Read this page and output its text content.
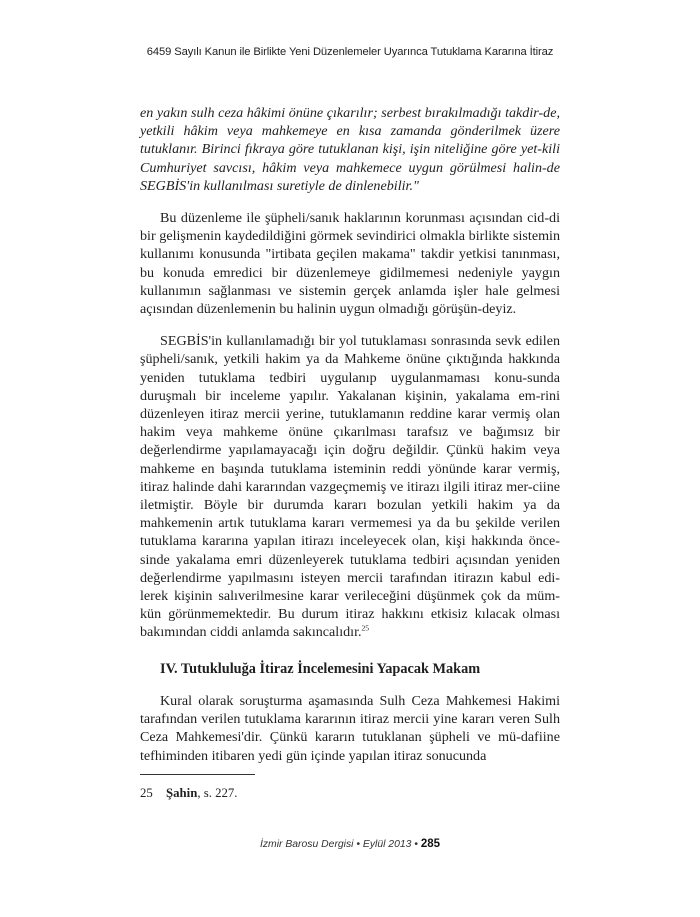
6459 Sayılı Kanun ile Birlikte Yeni Düzenlemeler Uyarınca Tutuklama Kararına İtiraz

en yakın sulh ceza hâkimi önüne çıkarılır; serbest bırakılmadığı takdir-de, yetkili hâkim veya mahkemeye en kısa zamanda gönderilmek üzere tutuklanır. Birinci fıkraya göre tutuklanan kişi, işin niteliğine göre yet-kili Cumhuriyet savcısı, hâkim veya mahkemece uygun görülmesi halin-de SEGBİS'in kullanılması suretiyle de dinlenebilir."

Bu düzenleme ile şüpheli/sanık haklarının korunması açısından cid-di bir gelişmenin kaydedildiğini görmek sevindirici olmakla birlikte sistemin kullanımı konusunda "irtibata geçilen makama" takdir yetkisi tanınması, bu konuda emredici bir düzenlemeye gidilmemesi nedeniyle yaygın kullanımın sağlanması ve sistemin gerçek anlamda işler hale gelmesi açısından düzenlemenin bu halinin uygun olmadığı görüşün-deyiz.

SEGBİS'in kullanılamadığı bir yol tutuklaması sonrasında sevk edilen şüpheli/sanık, yetkili hakim ya da Mahkeme önüne çıktığında hakkında yeniden tutuklama tedbiri uygulanıp uygulanmaması konu-sunda duruşmalı bir inceleme yapılır. Yakalanan kişinin, yakalama em-rini düzenleyen itiraz mercii yerine, tutuklamanın reddine karar vermiş olan hakim veya mahkeme önüne çıkarılması tarafsız ve bağımsız bir değerlendirme yapılamayacağı için doğru değildir. Çünkü hakim veya mahkeme en başında tutuklama isteminin reddi yönünde karar vermiş, itiraz halinde dahi kararından vazgeçmemiş ve itirazı ilgili itiraz mer-ciine iletmiştir. Böyle bir durumda kararı bozulan yetkili hakim ya da mahkemenin artık tutuklama kararı vermemesi ya da bu şekilde verilen tutuklama kararına yapılan itirazı inceleyecek olan, kişi hakkında önce-sinde yakalama emri düzenleyerek tutuklama tedbiri açısından yeniden değerlendirme yapılmasını isteyen mercii tarafından itirazın kabul edi-lerek kişinin salıverilmesine karar verileceğini düşünmek çok da müm-kün görünmemektedir. Bu durum itiraz hakkını etkisiz kılacak olması bakımından ciddi anlamda sakıncalıdır.$^{25}$

IV. Tutukluluğa İtiraz İncelemesini Yapacak Makam

Kural olarak soruşturma aşamasında Sulh Ceza Mahkemesi Hakimi tarafından verilen tutuklama kararının itiraz mercii yine kararı veren Sulh Ceza Mahkemesi'dir. Çünkü kararın tutuklanan şüpheli ve mü-dafiine tefhiminden itibaren yedi gün içinde yapılan itiraz sonucunda

25 Şahin, s. 227.
İzmir Barosu Dergisi • Eylül 2013 • 285
